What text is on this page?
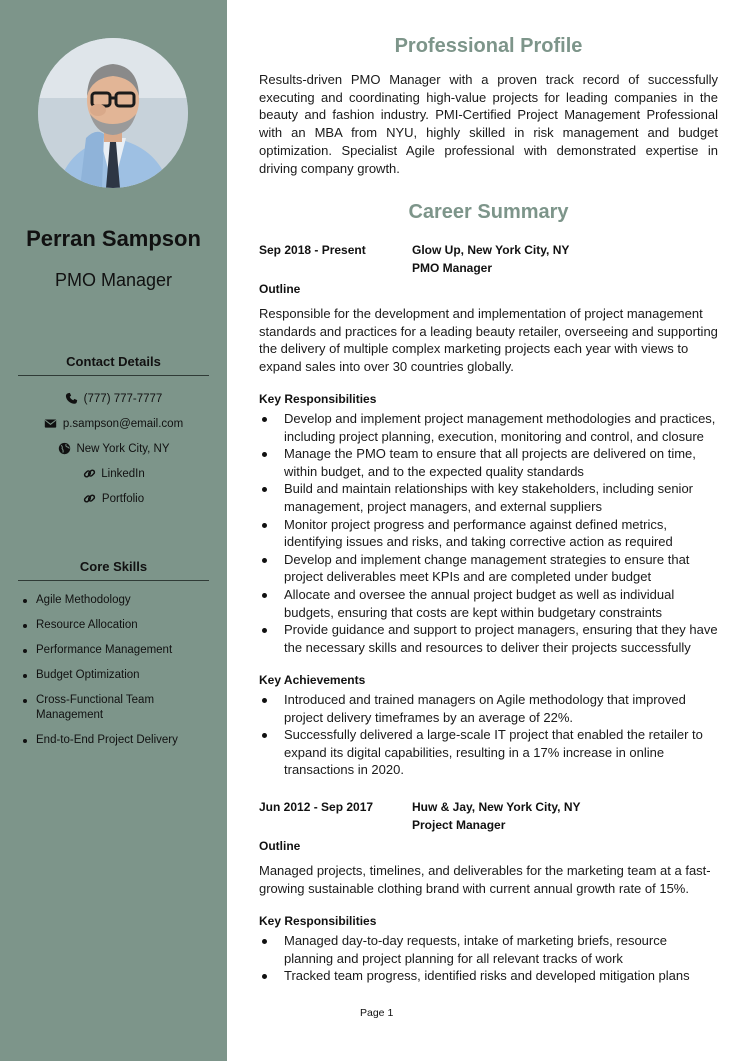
Perran Sampson
PMO Manager
Contact Details
(777) 777-7777
p.sampson@email.com
New York City, NY
LinkedIn
Portfolio
Core Skills
Agile Methodology
Resource Allocation
Performance Management
Budget Optimization
Cross-Functional Team Management
End-to-End Project Delivery
Professional Profile
Results-driven PMO Manager with a proven track record of successfully executing and coordinating high-value projects for leading companies in the beauty and fashion industry. PMI-Certified Project Management Professional with an MBA from NYU, highly skilled in risk management and budget optimization. Specialist Agile professional with demonstrated expertise in driving company growth.
Career Summary
Sep 2018 - Present	Glow Up, New York City, NY
PMO Manager
Outline
Responsible for the development and implementation of project management standards and practices for a leading beauty retailer, overseeing and supporting the delivery of multiple complex marketing projects each year with views to expand sales into over 30 countries globally.
Key Responsibilities
Develop and implement project management methodologies and practices, including project planning, execution, monitoring and control, and closure
Manage the PMO team to ensure that all projects are delivered on time, within budget, and to the expected quality standards
Build and maintain relationships with key stakeholders, including senior management, project managers, and external suppliers
Monitor project progress and performance against defined metrics, identifying issues and risks, and taking corrective action as required
Develop and implement change management strategies to ensure that project deliverables meet KPIs and are completed under budget
Allocate and oversee the annual project budget as well as individual budgets, ensuring that costs are kept within budgetary constraints
Provide guidance and support to project managers, ensuring that they have the necessary skills and resources to deliver their projects successfully
Key Achievements
Introduced and trained managers on Agile methodology that improved project delivery timeframes by an average of 22%.
Successfully delivered a large-scale IT project that enabled the retailer to expand its digital capabilities, resulting in a 17% increase in online transactions in 2020.
Jun 2012 - Sep 2017	Huw & Jay, New York City, NY
Project Manager
Outline
Managed projects, timelines, and deliverables for the marketing team at a fast-growing sustainable clothing brand with current annual growth rate of 15%.
Key Responsibilities
Managed day-to-day requests, intake of marketing briefs, resource planning and project planning for all relevant tracks of work
Tracked team progress, identified risks and developed mitigation plans
Page 1
